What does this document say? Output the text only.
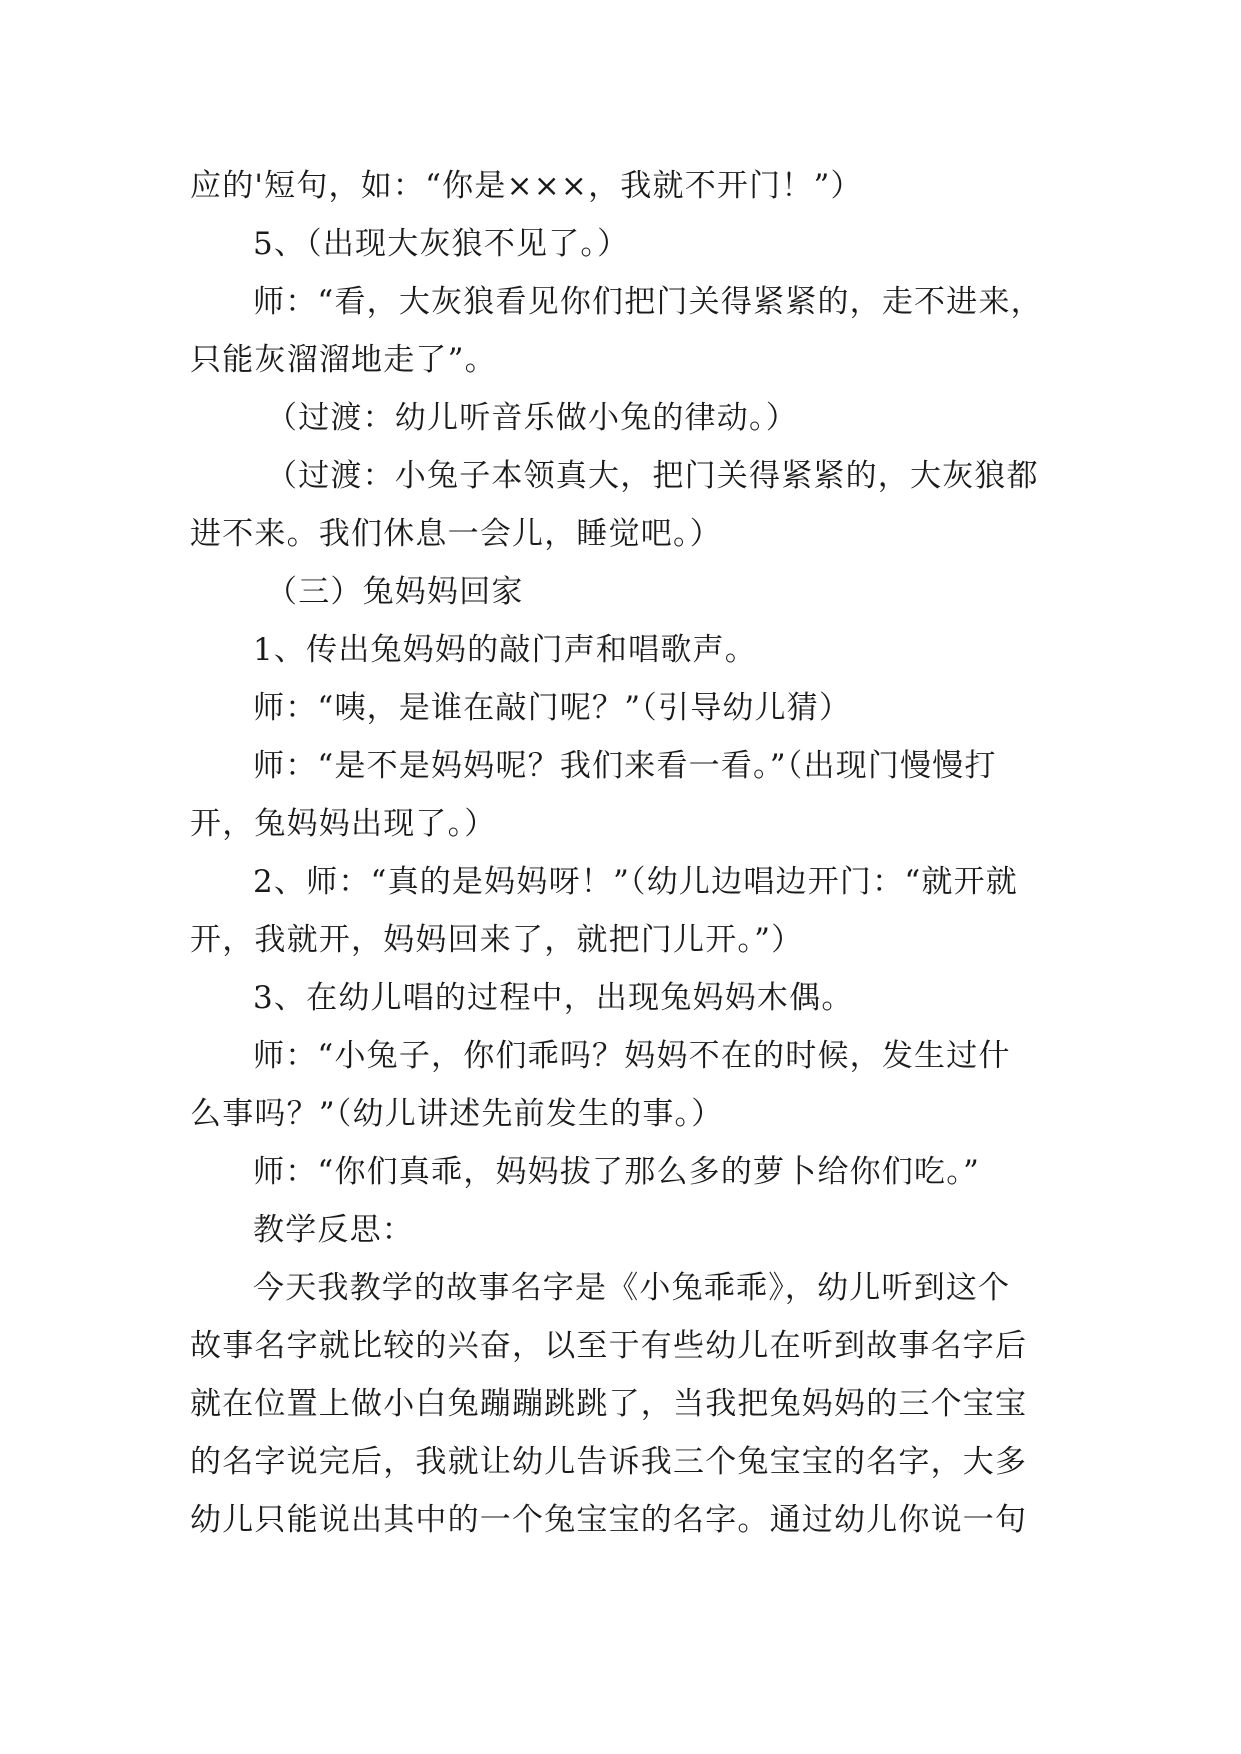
应的'短句，如：“你是×××，我就不开门！”）
5、（出现大灰狼不见了。）
师：“看，大灰狼看见你们把门关得紧紧的，走不进来，
只能灰溜溜地走了”。
（过渡：幼儿听音乐做小兔的律动。）
（过渡：小兔子本领真大，把门关得紧紧的，大灰狼都
进不来。我们休息一会儿，睡觉吧。）
（三）兔妈妈回家
1、传出兔妈妈的敲门声和唱歌声。
师：“咦，是谁在敲门呢？”（引导幼儿猜）
师：“是不是妈妈呢？我们来看一看。”（出现门慢慢打
开，兔妈妈出现了。）
2、师：“真的是妈妈呀！”（幼儿边唱边开门：“就开就
开，我就开，妈妈回来了，就把门儿开。”）
3、在幼儿唱的过程中，出现兔妈妈木偶。
师：“小兔子，你们乖吗？妈妈不在的时候，发生过什
么事吗？”（幼儿讲述先前发生的事。）
师：“你们真乖，妈妈拔了那么多的萝卜给你们吃。”
教学反思：
今天我教学的故事名字是《小兔乖乖》，幼儿听到这个
故事名字就比较的兴奋，以至于有些幼儿在听到故事名字后
就在位置上做小白兔蹦蹦跳跳了，当我把兔妈妈的三个宝宝
的名字说完后，我就让幼儿告诉我三个兔宝宝的名字，大多
幼儿只能说出其中的一个兔宝宝的名字。通过幼儿你说一句
